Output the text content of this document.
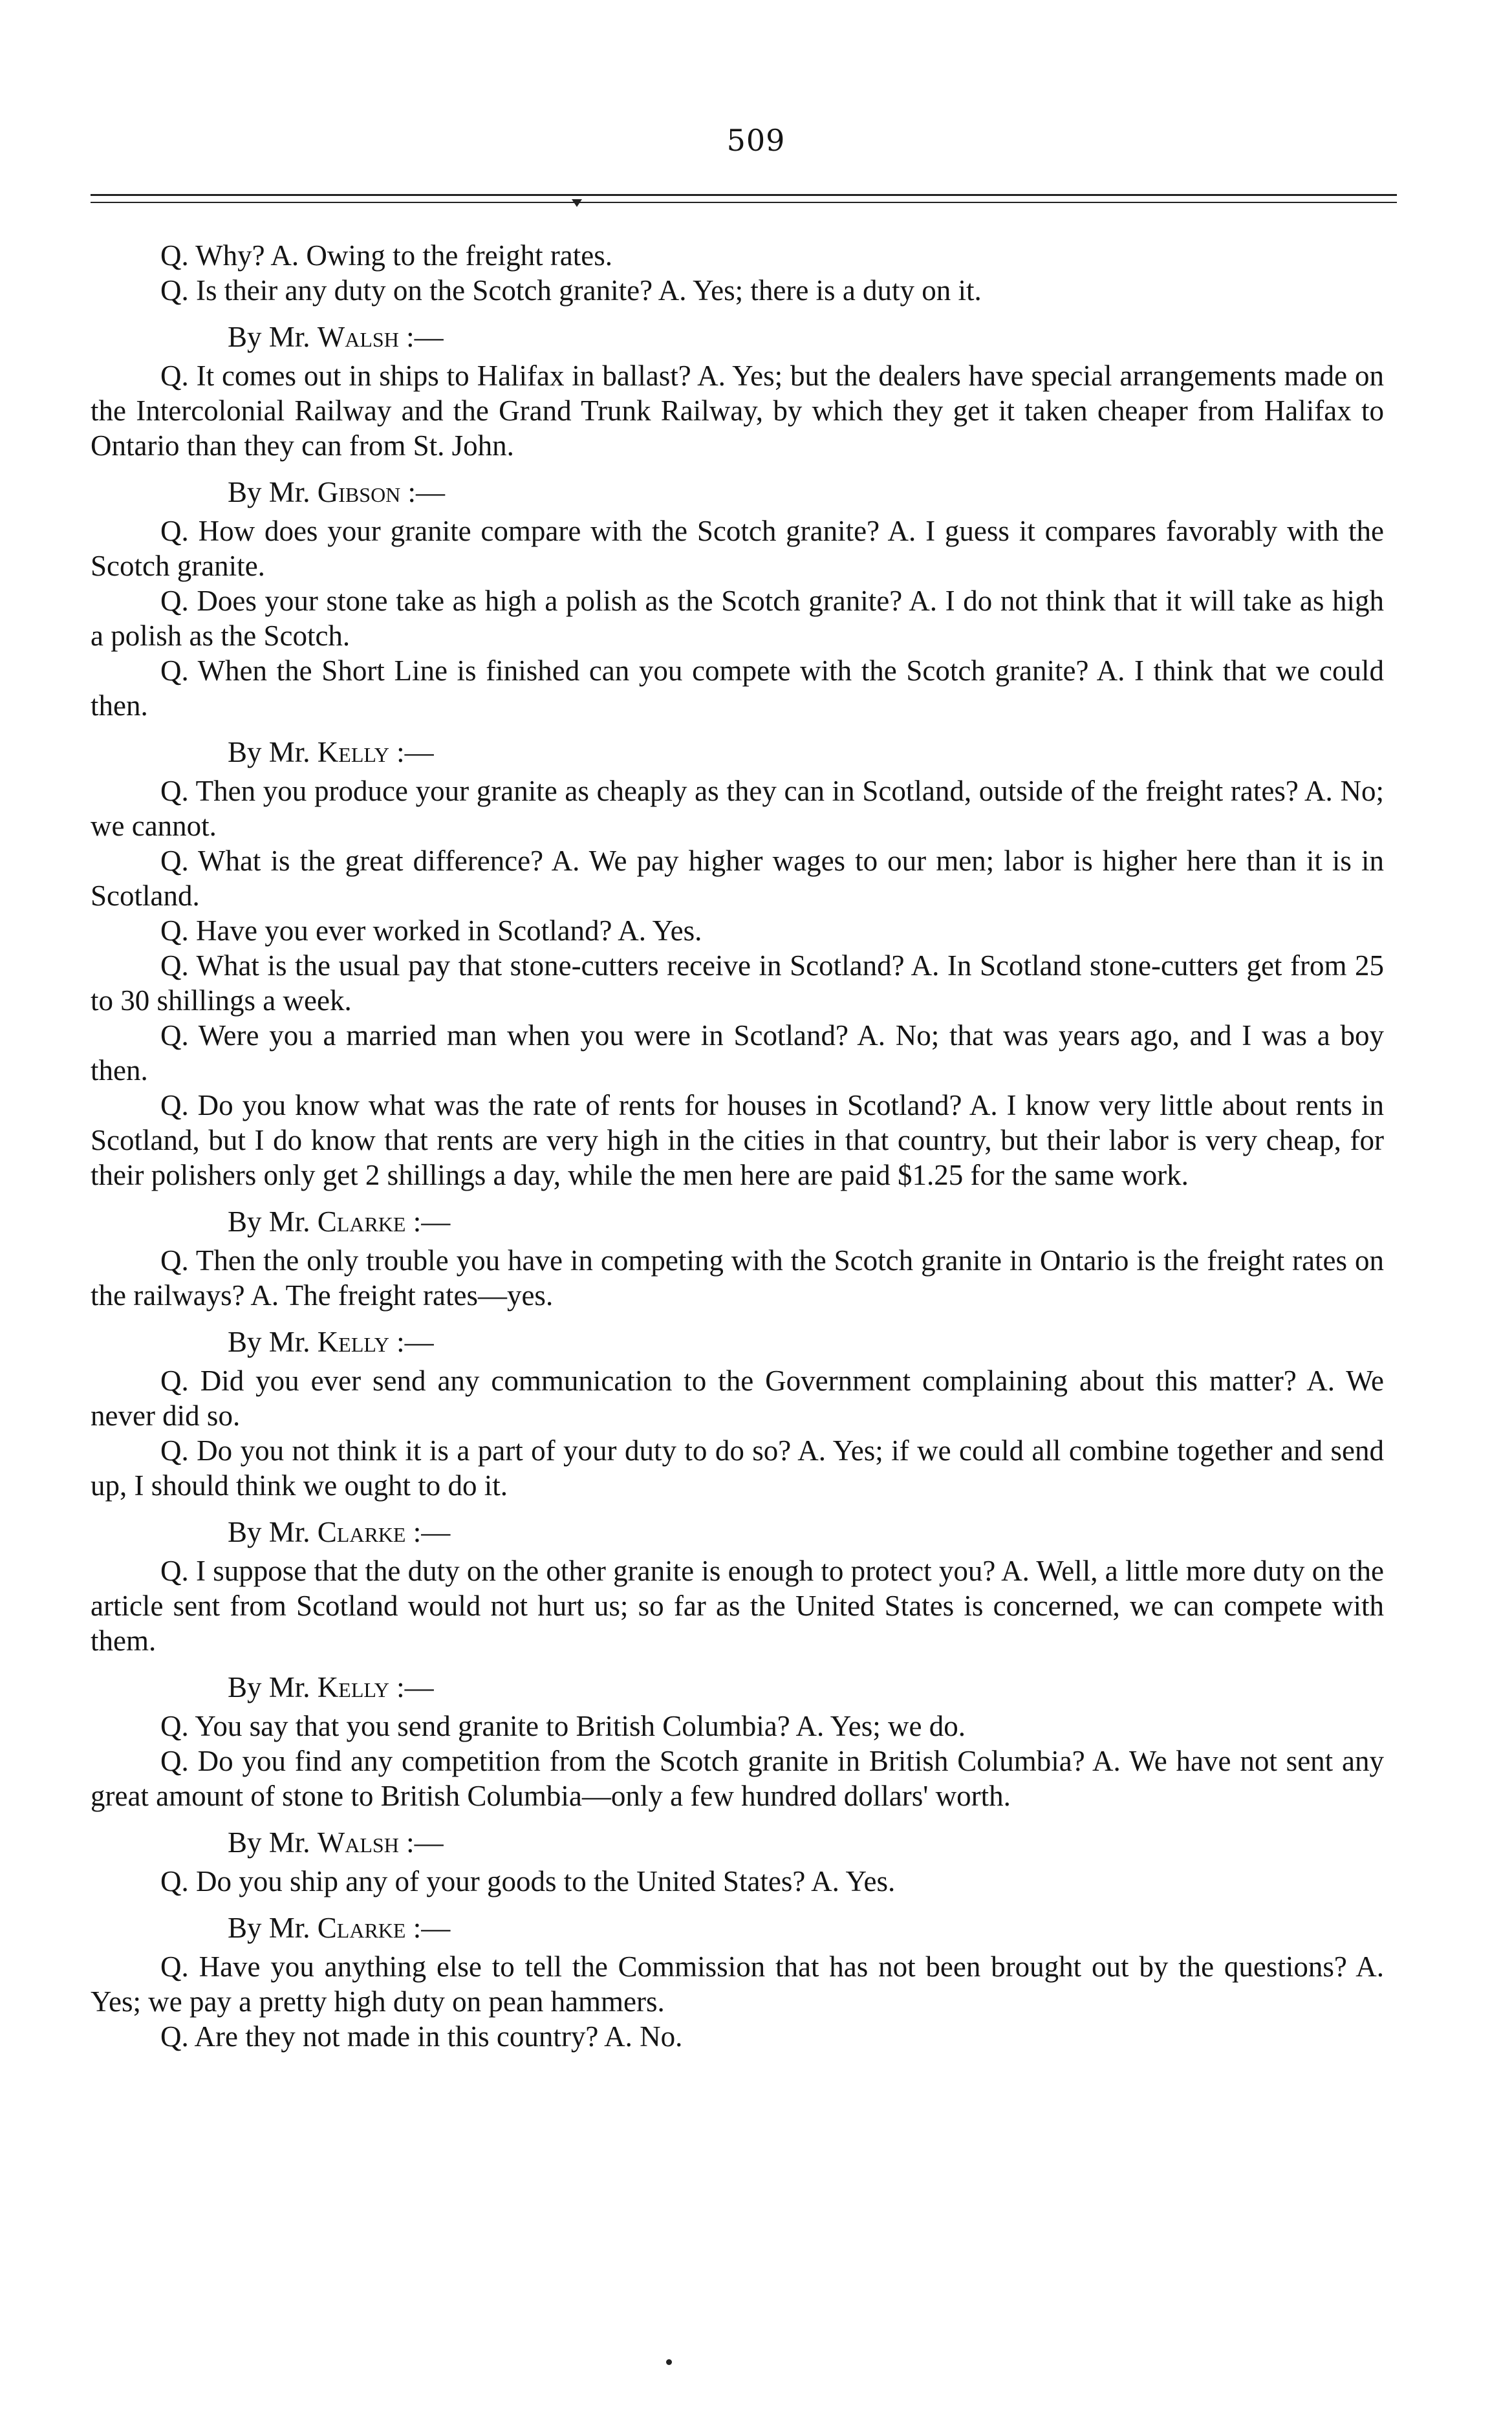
509

Q. Why? A. Owing to the freight rates.

Q. Is their any duty on the Scotch granite? A. Yes; there is a duty on it.

By Mr. Walsh :—

Q. It comes out in ships to Halifax in ballast? A. Yes; but the dealers have special arrangements made on the Intercolonial Railway and the Grand Trunk Railway, by which they get it taken cheaper from Halifax to Ontario than they can from St. John.

By Mr. Gibson :—

Q. How does your granite compare with the Scotch granite? A. I guess it compares favorably with the Scotch granite.

Q. Does your stone take as high a polish as the Scotch granite? A. I do not think that it will take as high a polish as the Scotch.

Q. When the Short Line is finished can you compete with the Scotch granite? A. I think that we could then.

By Mr. Kelly :—

Q. Then you produce your granite as cheaply as they can in Scotland, outside of the freight rates? A. No; we cannot.

Q. What is the great difference? A. We pay higher wages to our men; labor is higher here than it is in Scotland.

Q. Have you ever worked in Scotland? A. Yes.

Q. What is the usual pay that stone-cutters receive in Scotland? A. In Scotland stone-cutters get from 25 to 30 shillings a week.

Q. Were you a married man when you were in Scotland? A. No; that was years ago, and I was a boy then.

Q. Do you know what was the rate of rents for houses in Scotland? A. I know very little about rents in Scotland, but I do know that rents are very high in the cities in that country, but their labor is very cheap, for their polishers only get 2 shillings a day, while the men here are paid $1.25 for the same work.

By Mr. Clarke :—

Q. Then the only trouble you have in competing with the Scotch granite in Ontario is the freight rates on the railways? A. The freight rates—yes.

By Mr. Kelly :—

Q. Did you ever send any communication to the Government complaining about this matter? A. We never did so.

Q. Do you not think it is a part of your duty to do so? A. Yes; if we could all combine together and send up, I should think we ought to do it.

By Mr. Clarke :—

Q. I suppose that the duty on the other granite is enough to protect you? A. Well, a little more duty on the article sent from Scotland would not hurt us; so far as the United States is concerned, we can compete with them.

By Mr. Kelly :—

Q. You say that you send granite to British Columbia? A. Yes; we do.

Q. Do you find any competition from the Scotch granite in British Columbia? A. We have not sent any great amount of stone to British Columbia—only a few hundred dollars' worth.

By Mr. Walsh :—

Q. Do you ship any of your goods to the United States? A. Yes.

By Mr. Clarke :—

Q. Have you anything else to tell the Commission that has not been brought out by the questions? A. Yes; we pay a pretty high duty on pean hammers.

Q. Are they not made in this country? A. No.
